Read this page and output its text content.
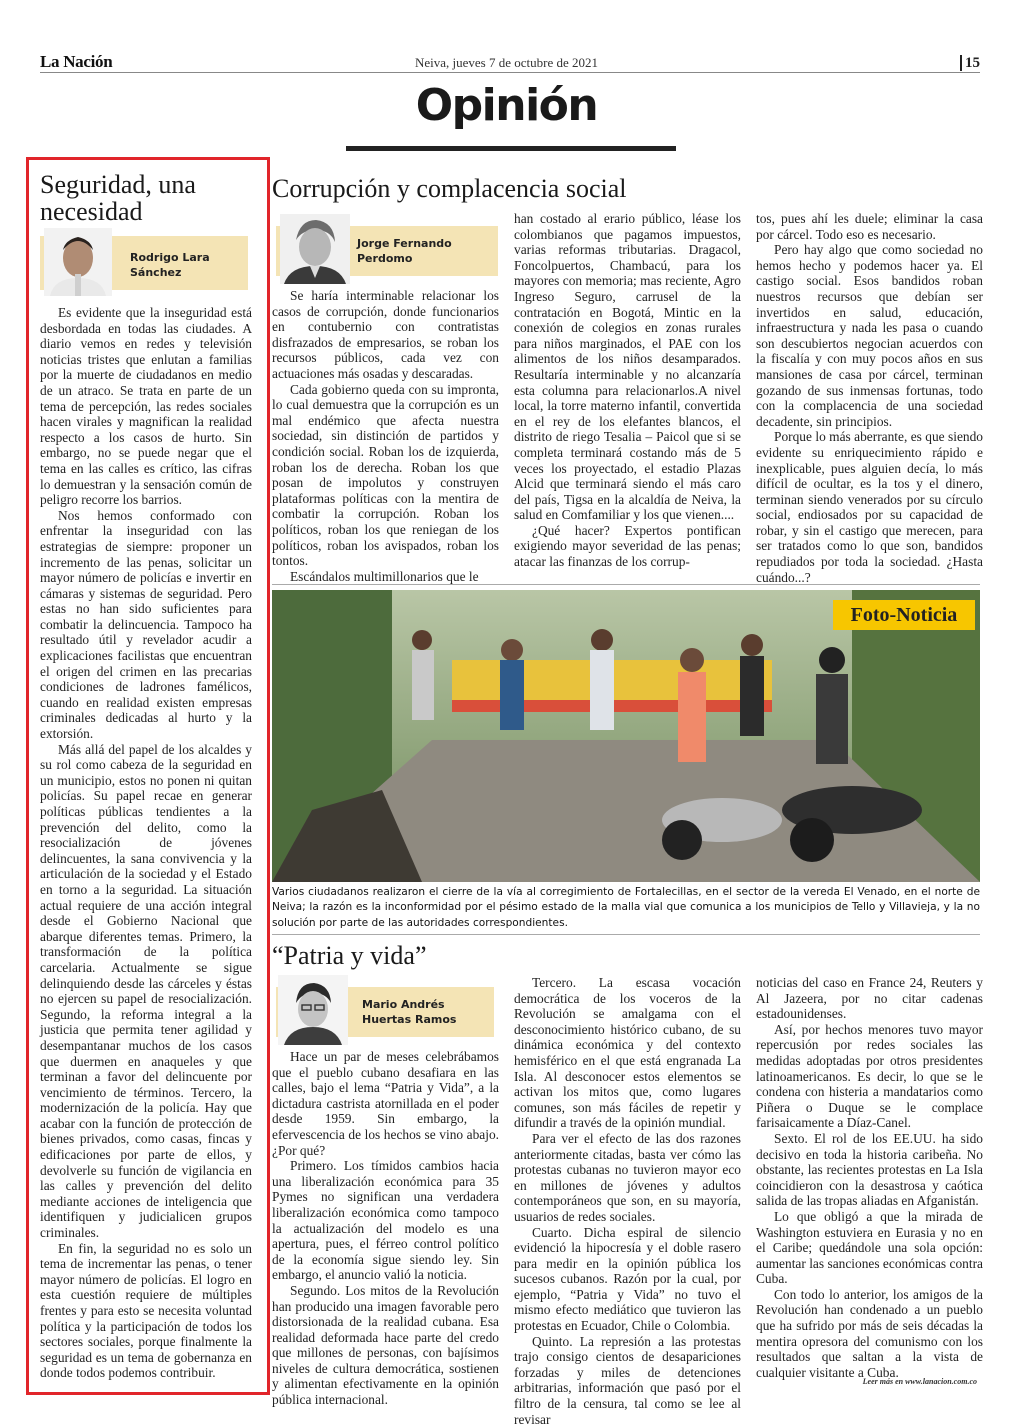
La Nación	Neiva, jueves 7 de octubre de 2021	15
Opinión
Seguridad, una necesidad
Rodrigo Lara
Sánchez

Es evidente que la inseguridad está desbordada en todas las ciudades. A diario vemos en redes y televisión noticias tristes que enlutan a familias por la muerte de ciudadanos en medio de un atraco. Se trata en parte de un tema de percepción, las redes sociales hacen virales y magnifican la realidad respecto a los casos de hurto. Sin embargo, no se puede negar que el tema en las calles es crítico, las cifras lo demuestran y la sensación común de peligro recorre los barrios.

Nos hemos conformado con enfrentar la inseguridad con las estrategias de siempre: proponer un incremento de las penas, solicitar un mayor número de policías e invertir en cámaras y sistemas de seguridad. Pero estas no han sido suficientes para combatir la delincuencia. Tampoco ha resultado útil y revelador acudir a explicaciones facilistas que encuentran el origen del crimen en las precarias condiciones de ladrones famélicos, cuando en realidad existen empresas criminales dedicadas al hurto y la extorsión.

Más allá del papel de los alcaldes y su rol como cabeza de la seguridad en un municipio, estos no ponen ni quitan policías. Su papel recae en generar políticas públicas tendientes a la prevención del delito, como la resocialización de jóvenes delincuentes, la sana convivencia y la articulación de la sociedad y el Estado en torno a la seguridad. La situación actual requiere de una acción integral desde el Gobierno Nacional que abarque diferentes temas. Primero, la transformación de la política carcelaria. Actualmente se sigue delinquiendo desde las cárceles y éstas no ejercen su papel de resocialización. Segundo, la reforma integral a la justicia que permita tener agilidad y desempantanar muchos de los casos que duermen en anaqueles y que terminan a favor del delincuente por vencimiento de términos. Tercero, la modernización de la policía. Hay que acabar con la función de protección de bienes privados, como casas, fincas y edificaciones por parte de ellos, y devolverle su función de vigilancia en las calles y prevención del delito mediante acciones de inteligencia que identifiquen y judicialicen grupos criminales.

En fin, la seguridad no es solo un tema de incrementar las penas, o tener mayor número de policías. El logro en esta cuestión requiere de múltiples frentes y para esto se necesita voluntad política y la participación de todos los sectores sociales, porque finalmente la seguridad es un tema de gobernanza en donde todos podemos contribuir.

Corrupción y complacencia social
Jorge Fernando
Perdomo

Se haría interminable relacionar los casos de corrupción, donde funcionarios en contubernio con contratistas disfrazados de empresarios, se roban los recursos públicos, cada vez con actuaciones más osadas y descaradas.

Cada gobierno queda con su impronta, lo cual demuestra que la corrupción es un mal endémico que afecta nuestra sociedad, sin distinción de partidos y condición social. Roban los de izquierda, roban los de derecha. Roban los que posan de impolutos y construyen plataformas políticas con la mentira de combatir la corrupción. Roban los políticos, roban los que reniegan de los políticos, roban los avispados, roban los tontos.

Escándalos multimillonarios que le

han costado al erario público, léase los colombianos que pagamos impuestos, varias reformas tributarias. Dragacol, Foncolpuertos, Chambacú, para los mayores con memoria; mas reciente, Agro Ingreso Seguro, carrusel de la contratación en Bogotá, Mintic en la conexión de colegios en zonas rurales para niños marginados, el PAE con los alimentos de los niños desamparados. Resultaría interminable y no alcanzaría esta columna para relacionarlos.A nivel local, la torre materno infantil, convertida en el rey de los elefantes blancos, el distrito de riego Tesalia – Paicol que si se completa terminará costando más de 5 veces los proyectado, el estadio Plazas Alcid que terminará siendo el más caro del país, Tigsa en la alcaldía de Neiva, la salud en Comfamiliar y los que vienen....

¿Qué hacer? Expertos pontifican exigiendo mayor severidad de las penas; atacar las finanzas de los corrup-

tos, pues ahí les duele; eliminar la casa por cárcel. Todo eso es necesario.

Pero hay algo que como sociedad no hemos hecho y podemos hacer ya. El castigo social. Esos bandidos roban nuestros recursos que debían ser invertidos en salud, educación, infraestructura y nada les pasa o cuando son descubiertos negocian acuerdos con la fiscalía y con muy pocos años en sus mansiones de casa por cárcel, terminan gozando de sus inmensas fortunas, todo con la complacencia de una sociedad decadente, sin principios.

Porque lo más aberrante, es que siendo evidente su enriquecimiento rápido e inexplicable, pues alguien decía, lo más difícil de ocultar, es la tos y el dinero, terminan siendo venerados por su círculo social, endiosados por su capacidad de robar, y sin el castigo que merecen, para ser tratados como lo que son, bandidos repudiados por toda la sociedad. ¿Hasta cuándo...?

Foto-Noticia
Varios ciudadanos realizaron el cierre de la vía al corregimiento de Fortalecillas, en el sector de la vereda El Venado, en el norte de Neiva; la razón es la inconformidad por el pésimo estado de la malla vial que comunica a los municipios de Tello y Villavieja, y la no solución por parte de las autoridades correspondientes.
“Patria y vida”
Mario Andrés
Huertas Ramos

Hace un par de meses celebrábamos que el pueblo cubano desafiara en las calles, bajo el lema “Patria y Vida”, a la dictadura castrista atornillada en el poder desde 1959. Sin embargo, la efervescencia de los hechos se vino abajo. ¿Por qué?

Primero. Los tímidos cambios hacia una liberalización económica para 35 Pymes no significan una verdadera liberalización económica como tampoco la actualización del modelo es una apertura, pues, el férreo control político de la economía sigue siendo ley. Sin embargo, el anuncio valió la noticia.

Segundo. Los mitos de la Revolución han producido una imagen favorable pero distorsionada de la realidad cubana. Esa realidad deformada hace parte del credo que millones de personas, con bajísimos niveles de cultura democrática, sostienen y alimentan efectivamente en la opinión pública internacional.

Tercero. La escasa vocación democrática de los voceros de la Revolución se amalgama con el desconocimiento histórico cubano, de su dinámica económica y del contexto hemisférico en el que está engranada La Isla. Al desconocer estos elementos se activan los mitos que, como lugares comunes, son más fáciles de repetir y difundir a través de la opinión mundial.

Para ver el efecto de las dos razones anteriormente citadas, basta ver cómo las protestas cubanas no tuvieron mayor eco en millones de jóvenes y adultos contemporáneos que son, en su mayoría, usuarios de redes sociales.

Cuarto. Dicha espiral de silencio evidenció la hipocresía y el doble rasero para medir en la opinión pública los sucesos cubanos. Razón por la cual, por ejemplo, “Patria y Vida” no tuvo el mismo efecto mediático que tuvieron las protestas en Ecuador, Chile o Colombia.

Quinto. La represión a las protestas trajo consigo cientos de desapariciones forzadas y miles de detenciones arbitrarias, información que pasó por el filtro de la censura, tal como se lee al revisar

noticias del caso en France 24, Reuters y Al Jazeera, por no citar cadenas estadounidenses.

Así, por hechos menores tuvo mayor repercusión por redes sociales las medidas adoptadas por otros presidentes latinoamericanos. Es decir, lo que se le condena con histeria a mandatarios como Piñera o Duque se le complace farisaicamente a Díaz-Canel.

Sexto. El rol de los EE.UU. ha sido decisivo en toda la historia caribeña. No obstante, las recientes protestas en La Isla coincidieron con la desastrosa y caótica salida de las tropas aliadas en Afganistán.

Lo que obligó a que la mirada de Washington estuviera en Eurasia y no en el Caribe; quedándole una sola opción: aumentar las sanciones económicas contra Cuba.

Con todo lo anterior, los amigos de la Revolución han condenado a un pueblo que ha sufrido por más de seis décadas la mentira opresora del comunismo con los resultados que saltan a la vista de cualquier visitante a Cuba.

Leer más en www.lanacion.com.co
